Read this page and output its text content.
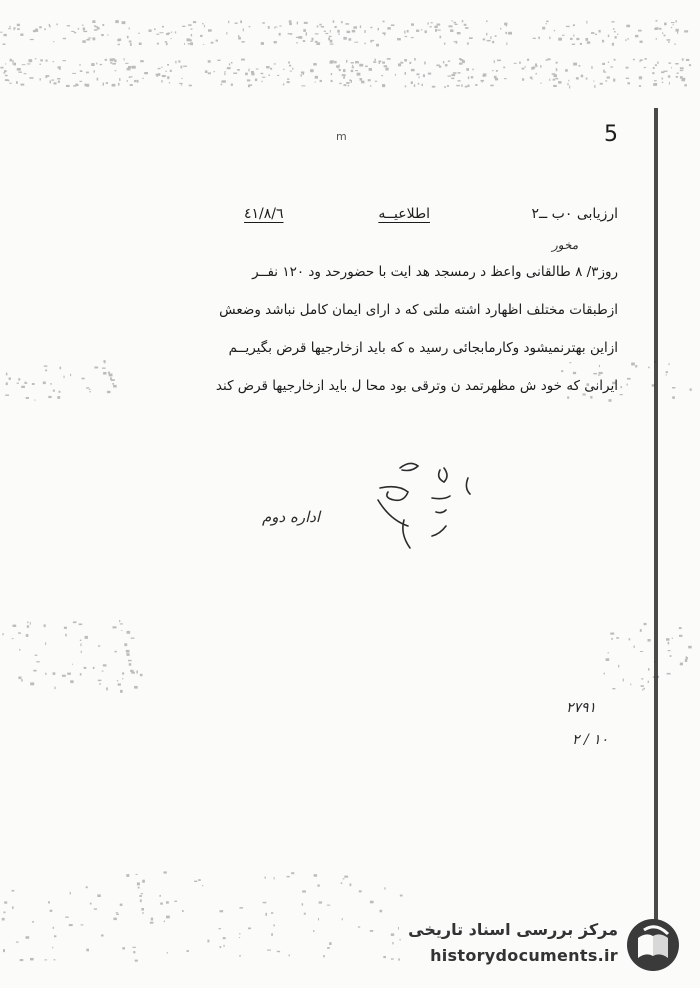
5
m
ارزیابی ۰ب ــ۲
اطلاعیــه
٤١/٨/٦
مخور
روز۳/ ۸ طالقانی واعظ د رمسجد هد ایت با حضورحد ود ۱۲۰ نفــر
ازطبقات مختلف اظهارد اشته ملتی که د ارای ایمان کامل نباشد وضعش
ازاین بهترنمیشود وکارمابجائی رسید ه که باید ازخارجیها قرض بگیریــم
ایرانی که خود ش مظهرتمد ن وترقی بود محا ل باید ازخارجیها قرض کند
اداره دوم
۲۷۹۱
۲ / ۱۰
مرکز بررسی اسناد تاریخی
historydocuments.ir
